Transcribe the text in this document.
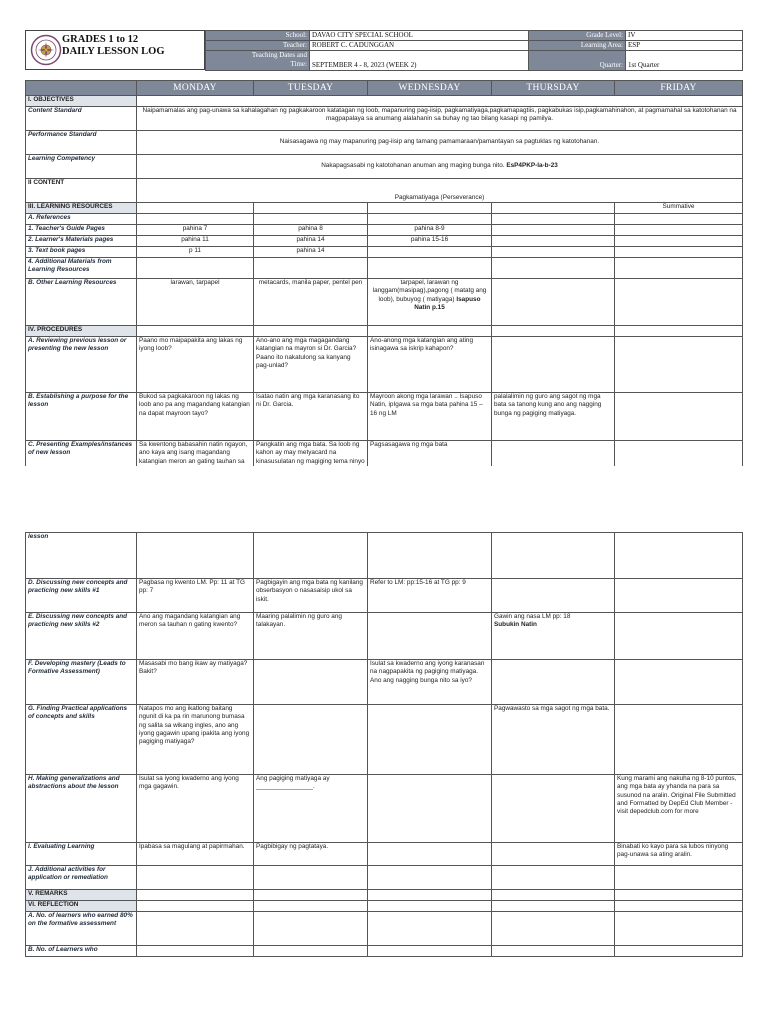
GRADES 1 to 12
DAILY LESSON LOG
School:	DAVAO CITY SPECIAL SCHOOL	Grade Level:	IV
Teacher:	ROBERT C. CADUNGGAN	Learning Area:	ESP

Teaching Dates and
Time:	SEPTEMBER 4 - 8, 2023 (WEEK 2)	Quarter:	1st Quarter
	MONDAY	TUESDAY	WEDNESDAY	THURSDAY	FRIDAY
I. OBJECTIVES					
Content Standard	Naipamamalas ang pag-unawa sa kahalagahan ng pagkakaroon katatagan ng loob, mapanuring pag-iisip, pagkamatiyaga,pagkamapagtiis, pagkabukas isip,pagkamahinahon, at pagmamahal sa katotohanan na magpapalaya sa anumang alalahanin sa buhay ng tao bilang kasapi ng pamilya.				
Performance Standard	Naisasagawa ng may mapanuring pag-iisip ang tamang pamamaraan/pamantayan sa pagtuklas ng katotohanan.				
Learning Competency	Nakapagsasabi ng katotohanan anuman ang maging bunga nito. EsP4PKP-Ia-b-23				
II CONTENT	Pagkamatiyaga (Perseverance)				
III. LEARNING RESOURCES					Summative
A. References					
1. Teacher's Guide Pages	pahina 7	pahina 8	pahina 8-9		
2. Learner's Materials pages	pahina 11	pahina 14	pahina 15-16		
3. Text book pages	p 11	pahina 14			
4. Additional Materials from Learning Resources					
B. Other Learning Resources	larawan, tarpapel	metacards, manila paper, pentel pen	tarpapel, larawan ng langgam(masipag),pagong ( matatg ang loob), bubuyog ( matiyaga) Isapuso Natin p.15		
IV. PROCEDURES					
A. Reviewing previous lesson or presenting the new lesson	Paano mo maipapakita ang lakas ng iyong loob?	Ano-ano ang mga magagandang katangian na mayron si Dr. Garcia? Paano ito nakatulong sa kanyang pag-unlad?	Ano-anong mga katangian ang ating isinagawa sa iskrip kahapon?		
B. Establishing a purpose for the lesson	Bukod sa pagkakaroon ng lakas ng loob ano pa ang magandang katangian na dapat mayroon tayo?	Isatao natin ang mga karanasang ito ni Dr. Garcia.	Mayroon akong mga larawan .. Isapuso Natin, ipIgawa sa mga bata pahina 15 – 16 ng LM	palalalimin ng guro ang sagot ng mga bata sa tanong kung ano ang nagging bunga ng pagiging matiyaga.	
C. Presenting Examples/instances of new lesson	Sa kwentong babasahin natin ngayon, ano kaya ang isang magandang katangian meron an gating tauhan sa	Pangkatin ang mga bata. Sa loob ng kahon ay may metyacard na kinasusulatan ng magiging tema ninyo	Pagsasagawa ng mga bata		
lesson					
D. Discussing new concepts and practicing new skills #1	Pagbasa ng kwento LM. Pp: 11 at TG pp: 7	Pagbigayin ang mga bata ng kanilang obserbasyon o nasasaisip ukol sa iskit.	Refer to LM: pp:15-16 at TG pp: 9		
E. Discussing new concepts and practicing new skills #2	Ano ang magandang katangian ang meron sa tauhan n gating kwento?	Maaring palalimin ng guro ang talakayan.		Gawin ang nasa LM pp: 18
Subukin Natin	
F. Developing mastery (Leads to Formative Assessment)	Masasabi mo bang ikaw ay matiyaga?Bakit?		Isulat sa kwaderno ang iyong karanasan na nagpapakita ng pagiging matiyaga. Ano ang nagging bunga nito sa iyo?		
G. Finding Practical applications of concepts and skills	Natapos mo ang ikatlong baitang ngunit di ka pa rin marunong bumasa ng salita sa wikang ingles, ano ang iyong gagawin upang ipakita ang iyong pagiging matiyaga?			Pagwawasto sa mga sagot ng mga bata.	
H. Making generalizations and abstractions about the lesson	Isulat sa iyong kwaderno ang iyong mga gagawin.	Ang pagiging matiyaga ay ________________.			Kung marami ang nakuha ng 8-10 puntos, ang mga bata ay yhanda na para sa susunod na aralin. Original File Submitted and Formatted by DepEd Club Member - visit depedclub.com for more
I. Evaluating Learning	Ipabasa sa magulang at papirmahan.	Pagbibigay ng pagtataya.			Binabati ko kayo para sa lubos ninyong pag-unawa sa ating aralin.
J. Additional activities for application or remediation					
V. REMARKS					
VI. REFLECTION					
A. No. of learners who earned 80% on the formative assessment					
B. No. of Learners who					
